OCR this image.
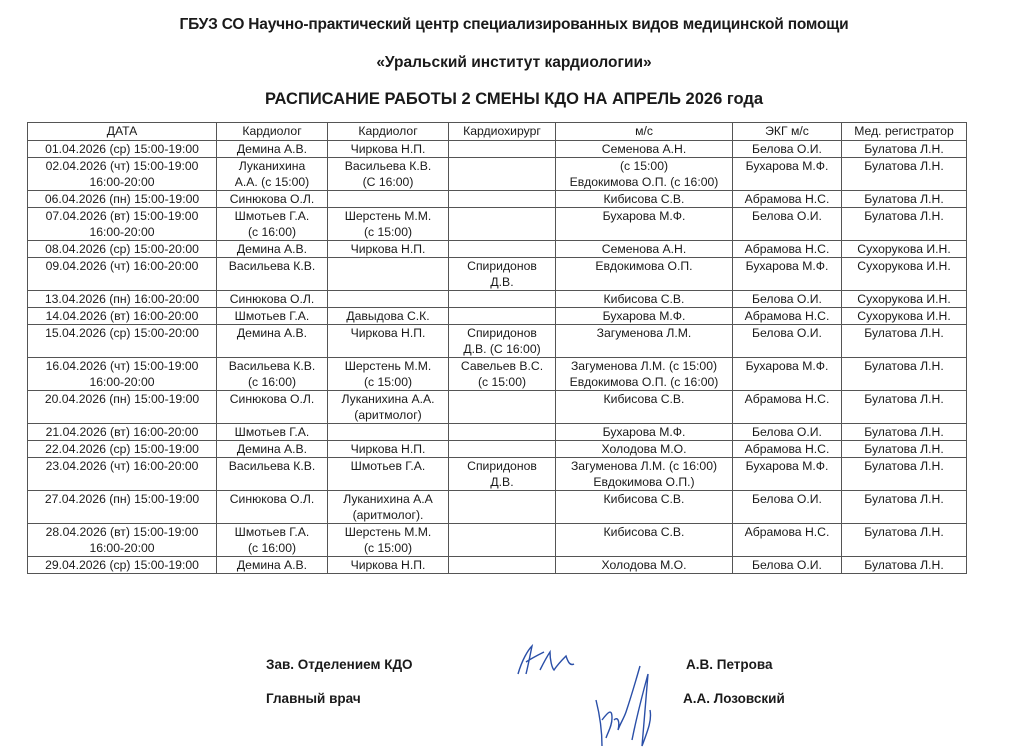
ГБУЗ СО Научно-практический центр специализированных видов медицинской помощи
«Уральский институт кардиологии»
РАСПИСАНИЕ РАБОТЫ 2 СМЕНЫ КДО НА АПРЕЛЬ 2026 года
ДАТА	Кардиолог	Кардиолог	Кардиохирург	м/с	ЭКГ м/с	Мед. регистратор

01.04.2026 (ср) 15:00-19:00	Демина А.В.	Чиркова Н.П.		Семенова А.Н.	Белова О.И.	Булатова Л.Н.

02.04.2026 (чт) 15:00-19:00
16:00-20:00	Луканихина
А.А. (с 15:00)	Васильева К.В.
(С 16:00)		(с 15:00)
Евдокимова О.П. (с 16:00)	Бухарова М.Ф.	Булатова Л.Н.

06.04.2026 (пн) 15:00-19:00	Синюкова О.Л.			Кибисова С.В.	Абрамова Н.С.	Булатова Л.Н.

07.04.2026 (вт) 15:00-19:00
16:00-20:00	Шмотьев Г.А.
(с 16:00)	Шерстень М.М.
(с 15:00)		Бухарова М.Ф.	Белова О.И.	Булатова Л.Н.

08.04.2026 (ср) 15:00-20:00	Демина А.В.	Чиркова Н.П.		Семенова А.Н.	Абрамова Н.С.	Сухорукова И.Н.

09.04.2026 (чт) 16:00-20:00	Васильева К.В.		Спиридонов
Д.В.	Евдокимова О.П.	Бухарова М.Ф.	Сухорукова И.Н.

13.04.2026 (пн) 16:00-20:00	Синюкова О.Л.			Кибисова С.В.	Белова О.И.	Сухорукова И.Н.

14.04.2026 (вт) 16:00-20:00	Шмотьев Г.А.	Давыдова С.К.		Бухарова М.Ф.	Абрамова Н.С.	Сухорукова И.Н.

15.04.2026 (ср) 15:00-20:00	Демина А.В.	Чиркова Н.П.	Спиридонов
Д.В. (С 16:00)	Загуменова Л.М.	Белова О.И.	Булатова Л.Н.

16.04.2026 (чт) 15:00-19:00
16:00-20:00	Васильева К.В.
(с 16:00)	Шерстень М.М.
(с 15:00)	Савельев В.С.
(с 15:00)	Загуменова Л.М. (с 15:00)
Евдокимова О.П. (с 16:00)	Бухарова М.Ф.	Булатова Л.Н.

20.04.2026 (пн) 15:00-19:00	Синюкова О.Л.	Луканихина А.А.
(аритмолог)		Кибисова С.В.	Абрамова Н.С.	Булатова Л.Н.

21.04.2026 (вт) 16:00-20:00	Шмотьев Г.А.			Бухарова М.Ф.	Белова О.И.	Булатова Л.Н.

22.04.2026 (ср) 15:00-19:00	Демина А.В.	Чиркова Н.П.		Холодова М.О.	Абрамова Н.С.	Булатова Л.Н.

23.04.2026 (чт) 16:00-20:00	Васильева К.В.	Шмотьев Г.А.	Спиридонов
Д.В.	Загуменова Л.М. (с 16:00)
Евдокимова О.П.)	Бухарова М.Ф.	Булатова Л.Н.

27.04.2026 (пн) 15:00-19:00	Синюкова О.Л.	Луканихина А.А
(аритмолог).		Кибисова С.В.	Белова О.И.	Булатова Л.Н.

28.04.2026 (вт) 15:00-19:00
16:00-20:00	Шмотьев Г.А.
(с 16:00)	Шерстень М.М.
(с 15:00)		Кибисова С.В.	Абрамова Н.С.	Булатова Л.Н.

29.04.2026 (ср) 15:00-19:00	Демина А.В.	Чиркова Н.П.		Холодова М.О.	Белова О.И.	Булатова Л.Н.
Зав. Отделением КДО	А.В. Петрова
Главный врач	А.А. Лозовский
